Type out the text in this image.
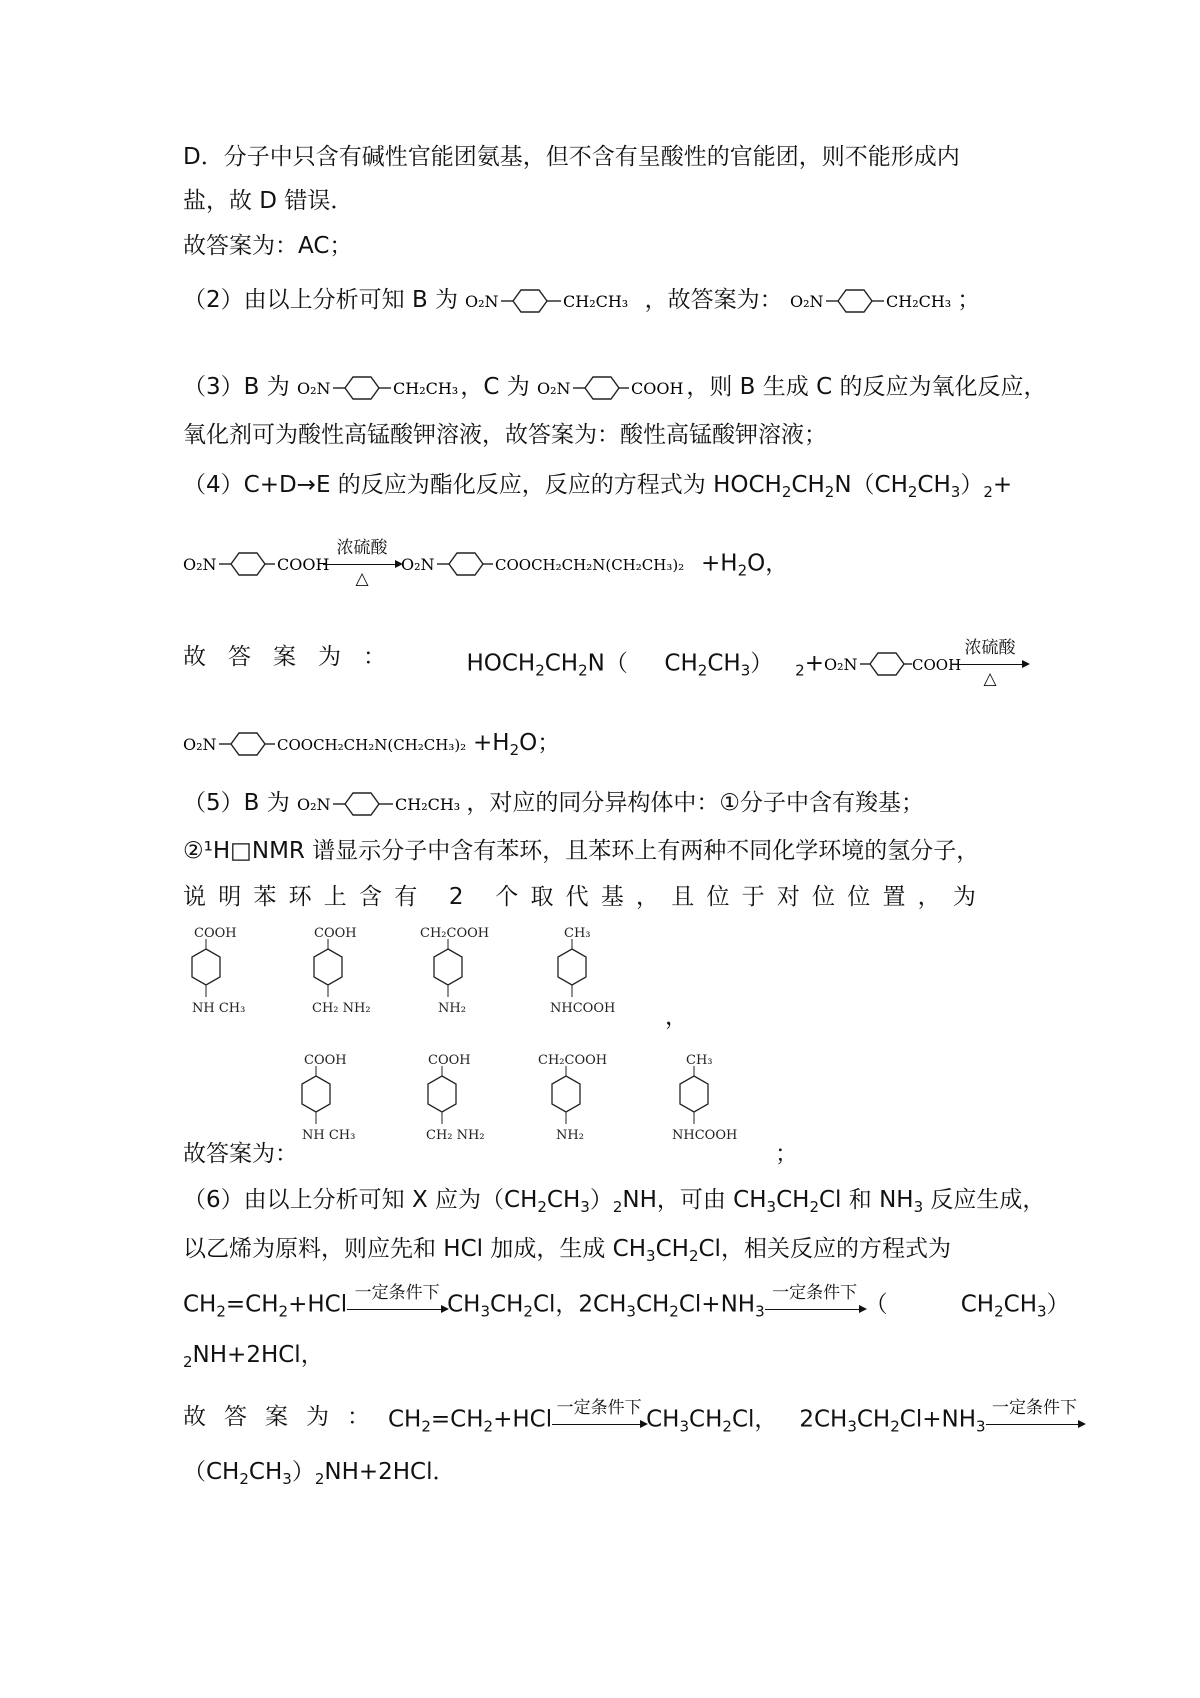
D．分子中只含有碱性官能团氨基，但不含有呈酸性的官能团，则不能形成内
盐，故 D 错误．
故答案为：AC；
（2）由以上分析可知 B 为 O₂N	CH₂CH₃ ，故答案为： O₂N	CH₂CH₃ ；
（3）B 为 O₂N	CH₂CH₃ ，C 为 O₂N	COOH ，则 B 生成 C 的反应为氧化反应，
氧化剂可为酸性高锰酸钾溶液，故答案为：酸性高锰酸钾溶液；
（4）C+D→E 的反应为酯化反应，反应的方程式为 $HOCH_2CH_2N(CH_2CH_3)_2+$
O₂N	COOH
浓硫酸
△
O₂N	COOCH₂CH₂N(CH₂CH₃)₂ $+H_2O$，
故答案为：	$HOCH_2CH_2N$（     $CH_2CH_3$）   $_2$+ O₂N	COOH
浓硫酸
△
O₂N	COOCH₂CH₂N(CH₂CH₃)₂ $+H_2O$；
（5）B 为 O₂N	CH₂CH₃ ，对应的同分异构体中：①分子中含有羧基；
②¹H□NMR 谱显示分子中含有苯环，且苯环上有两种不同化学环境的氢分子，
说明苯环上含有 2 个取代基，且位于对位位置，为
COOH
NH CH₃
COOH
CH₂ NH₂
CH₂COOH
NH₂
CH₃
NHCOOH ，
故答案为：
COOH
NH CH₃
COOH
CH₂ NH₂
CH₂COOH
NH₂
CH₃
NHCOOH
；
（6）由以上分析可知 X 应为$(CH_2CH_3)_2NH$，可由 $CH_3CH_2Cl$ 和 $NH_3$ 反应生成，
以乙烯为原料，则应先和 HCl 加成，生成 $CH_3CH_2Cl$，相关反应的方程式为
$CH_2=CH_2+HCl$ 一定条件下 $CH_3CH_2Cl$， $2CH_3CH_2Cl+NH_3$
一定条件下 （          $CH_2CH_3$）
$_2$NH+2HCl，
故答案为： $CH_2=CH_2+HCl$ 一定条件下 $CH_3CH_2Cl$，   $2CH_3CH_2Cl+NH_3$
一定条件下
$(CH_2CH_3)_2NH+2HCl$．
